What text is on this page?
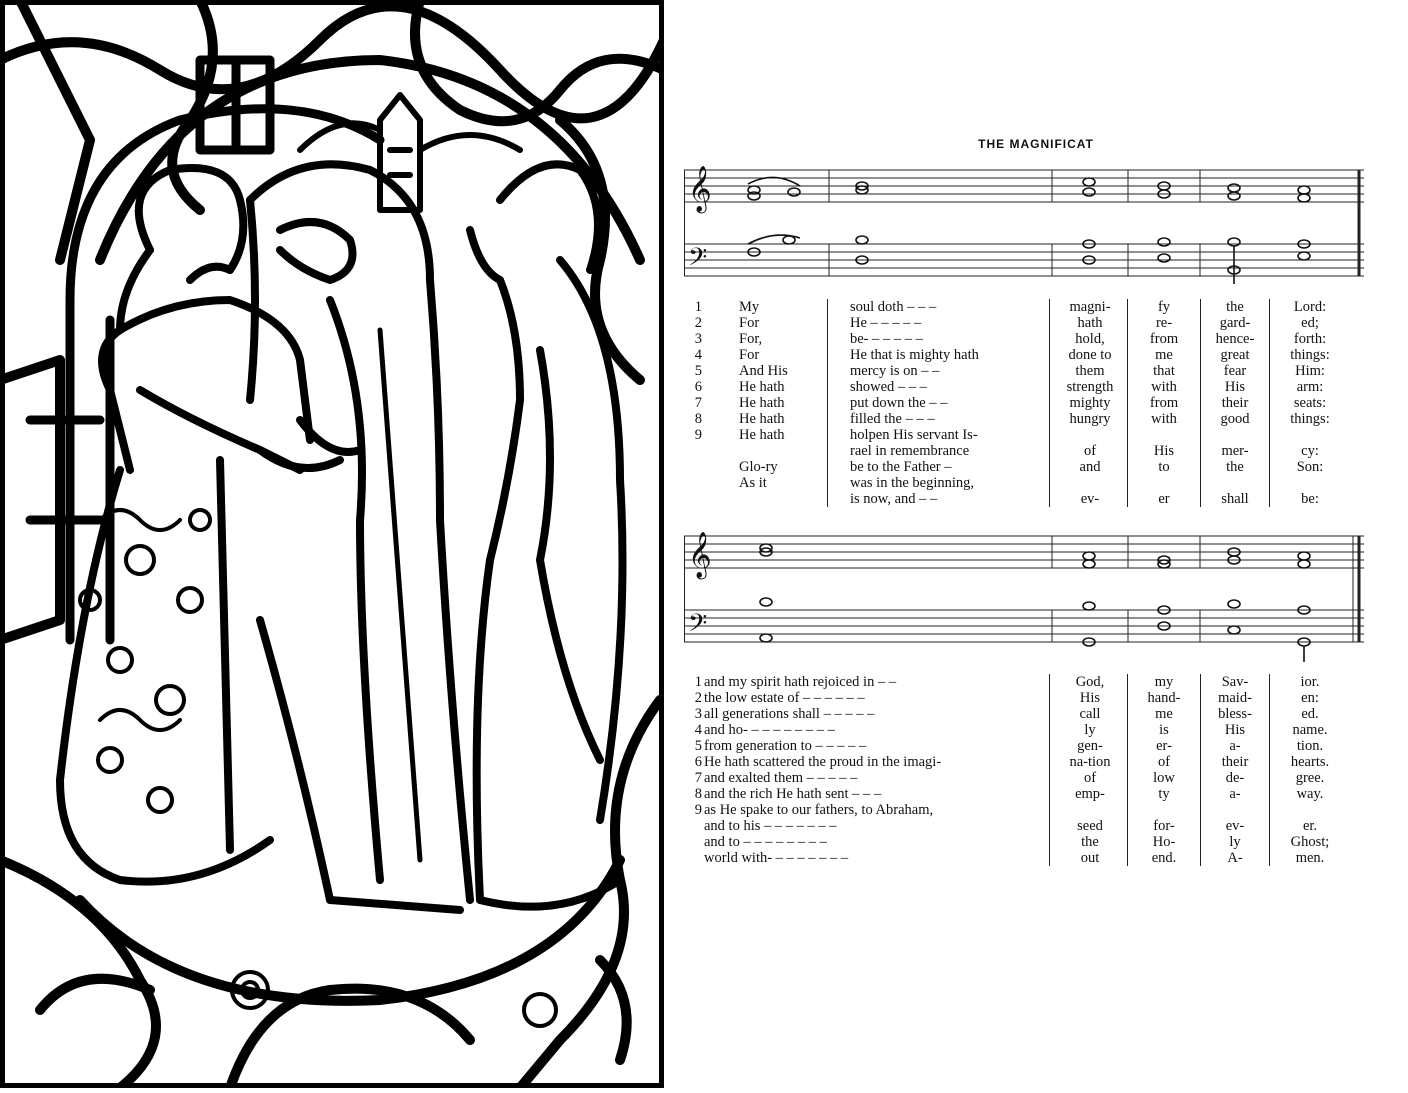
THE MAGNIFICAT
𝄞
𝄢
1	My	soul doth – – –	magni-	fy	the	Lord:
2	For	He – – – – –	hath	re-	gard-	ed;
3	For,	be- – – – – –	hold,	from	hence-	forth:
4	For	He that is mighty hath	done to	me	great	things:
5	And His	mercy is on – –	them	that	fear	Him:
6	He hath	showed – – –	strength	with	His	arm:
7	He hath	put down the – –	mighty	from	their	seats:
8	He hath	filled the – – –	hungry	with	good	things:
9	He hath	holpen His servant Is-
rael in remembrance	of	His	mer-	cy:
Glo-ry	be to the Father –	and	to	the	Son:
As it	was in the beginning,
is now, and – –	ev-	er	shall	be:
𝄞
𝄢
1 and my spirit hath rejoiced in – –	God,	my	Sav-	ior.
2 the low estate of – – – – – –	His	hand-	maid-	en:
3 all generations shall – – – – –	call	me	bless-	ed.
4 and ho- – – – – – – – –	ly	is	His	name.
5 from generation to – – – – –	gen-	er-	a-	tion.
6 He hath scattered the proud in the imagi-	na-tion	of	their	hearts.
7 and exalted them – – – – –	of	low	de-	gree.
8 and the rich He hath sent – – –	emp-	ty	a-	way.
9 as He spake to our fathers, to Abraham,
and to his – – – – – – –	seed	for-	ev-	er.
and to – – – – – – – –	the	Ho-	ly	Ghost;
world with- – – – – – – –	out	end.	A-	men.
